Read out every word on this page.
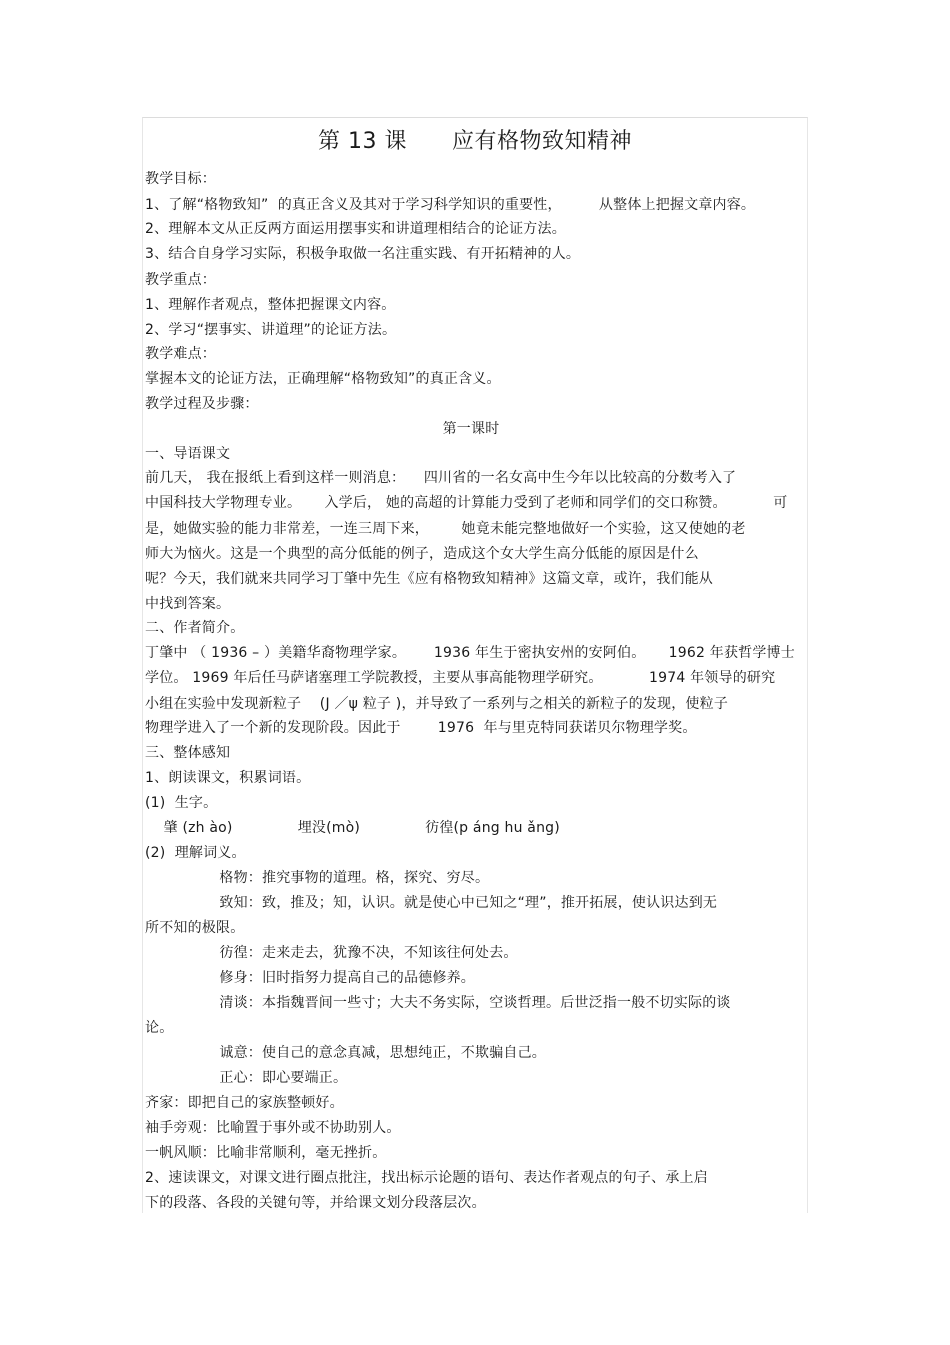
第 13 课      应有格物致知精神
教学目标：
1、了解“格物致知”  的真正含义及其对于学习科学知识的重要性，        从整体上把握文章内容。
2、理解本文从正反两方面运用摆事实和讲道理相结合的论证方法。
3、结合自身学习实际，积极争取做一名注重实践、有开拓精神的人。
教学重点：
1、理解作者观点，整体把握课文内容。
2、学习“摆事实、讲道理”的论证方法。
教学难点：
掌握本文的论证方法，正确理解“格物致知”的真正含义。
教学过程及步骤：
第一课时
一、导语课文
前几天， 我在报纸上看到这样一则消息：    四川省的一名女高中生今年以比较高的分数考入了
中国科技大学物理专业。     入学后， 她的高超的计算能力受到了老师和同学们的交口称赞。          可
是，她做实验的能力非常差，一连三周下来，       她竟未能完整地做好一个实验，这又使她的老
师大为恼火。这是一个典型的高分低能的例子，造成这个女大学生高分低能的原因是什么
呢？今天，我们就来共同学习丁肇中先生《应有格物致知精神》这篇文章，或许，我们能从
中找到答案。
二、作者简介。
丁肇中 （ 1936 – ）美籍华裔物理学家。      1936 年生于密执安州的安阿伯。     1962 年获哲学博士
学位。 1969 年后任马萨诸塞理工学院教授，主要从事高能物理学研究。          1974 年领导的研究
小组在实验中发现新粒子    (J ／ψ 粒子 )，并导致了一系列与之相关的新粒子的发现，使粒子
物理学进入了一个新的发现阶段。因此于        1976  年与里克特同获诺贝尔物理学奖。
三、整体感知
1、朗读课文，积累词语。
(1)  生字。
肇 (zh ào)              埋没(mò)              彷徨(p áng hu ǎng)
(2)  理解词义。
格物：推究事物的道理。格，探究、穷尽。
致知：致，推及；知，认识。就是使心中已知之“理”，推开拓展，使认识达到无
所不知的极限。
彷徨：走来走去，犹豫不决，不知该往何处去。
修身：旧时指努力提高自己的品德修养。
清谈：本指魏晋间一些寸；大夫不务实际，空谈哲理。后世泛指一般不切实际的谈
论。
诚意：使自己的意念真减，思想纯正，不欺骗自己。
正心：即心要端正。
齐家：即把自己的家族整顿好。
袖手旁观：比喻置于事外或不协助别人。
一帆风顺：比喻非常顺利，毫无挫折。
2、速读课文，对课文进行圈点批注，找出标示论题的语句、表达作者观点的句子、承上启
下的段落、各段的关键句等，并给课文划分段落层次。
